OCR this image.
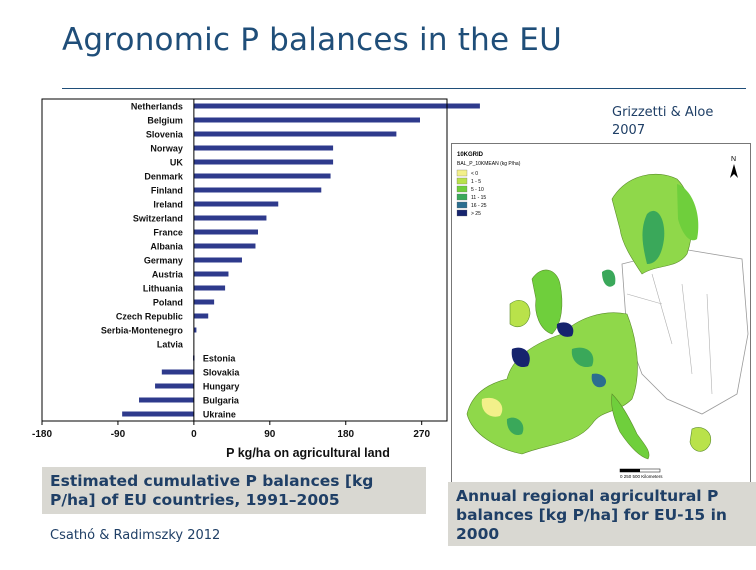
Agronomic P balances in the EU
Netherlands
Belgium
Slovenia
Norway
UK
Denmark
Finland
Ireland
Switzerland
France
Albania
Germany
Austria
Lithuania
Poland
Czech Republic
Serbia-Montenegro
Latvia
Estonia
Slovakia
Hungary
Bulgaria
Ukraine
-180	-90	0	90	180	270
P kg/ha on agricultural land
Estimated cumulative P balances [kg P/ha] of EU countries, 1991–2005
Csathó & Radimszky 2012
Grizzetti & Aloe
2007
10KGRID
BAL_P_10KMEAN (kg P/ha)
< 0
1 - 5
5 - 10
11 - 15
16 - 25
> 25
N
0 250 500 Kilometers
Annual regional agricultural P balances [kg P/ha] for EU-15 in 2000
